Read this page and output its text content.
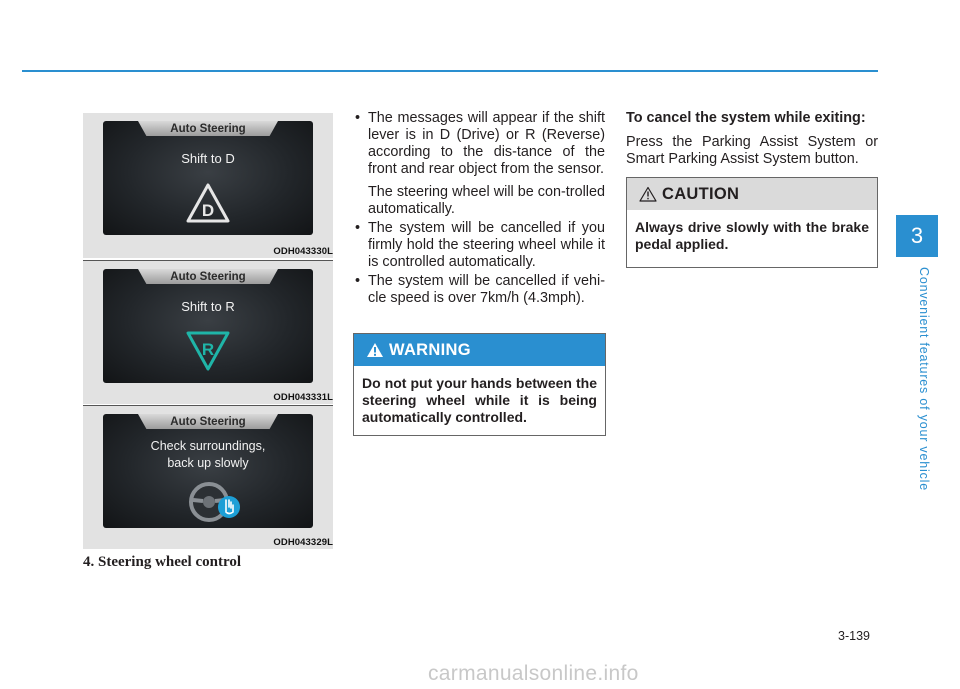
Auto Steering
Shift to D
D
ODH043330L
Auto Steering
Shift to R
R
ODH043331L
Auto Steering
Check surroundings,
back up slowly
ODH043329L
4. Steering wheel control
• The messages will appear if the shift lever is in D (Drive) or R (Reverse) according to the dis-tance of the front and rear object from the sensor.
The steering wheel will be con-trolled automatically.
• The system will be cancelled if you firmly hold the steering wheel while it is controlled automatically.
• The system will be cancelled if vehi-cle speed is over 7km/h (4.3mph).
WARNING
Do not put your hands between the steering wheel while it is being automatically controlled.
To cancel the system while exiting:
Press the Parking Assist System or Smart Parking Assist System button.
CAUTION
Always drive slowly with the brake pedal applied.	3
Convenient features of your vehicle
3-139
carmanualsonline.info
